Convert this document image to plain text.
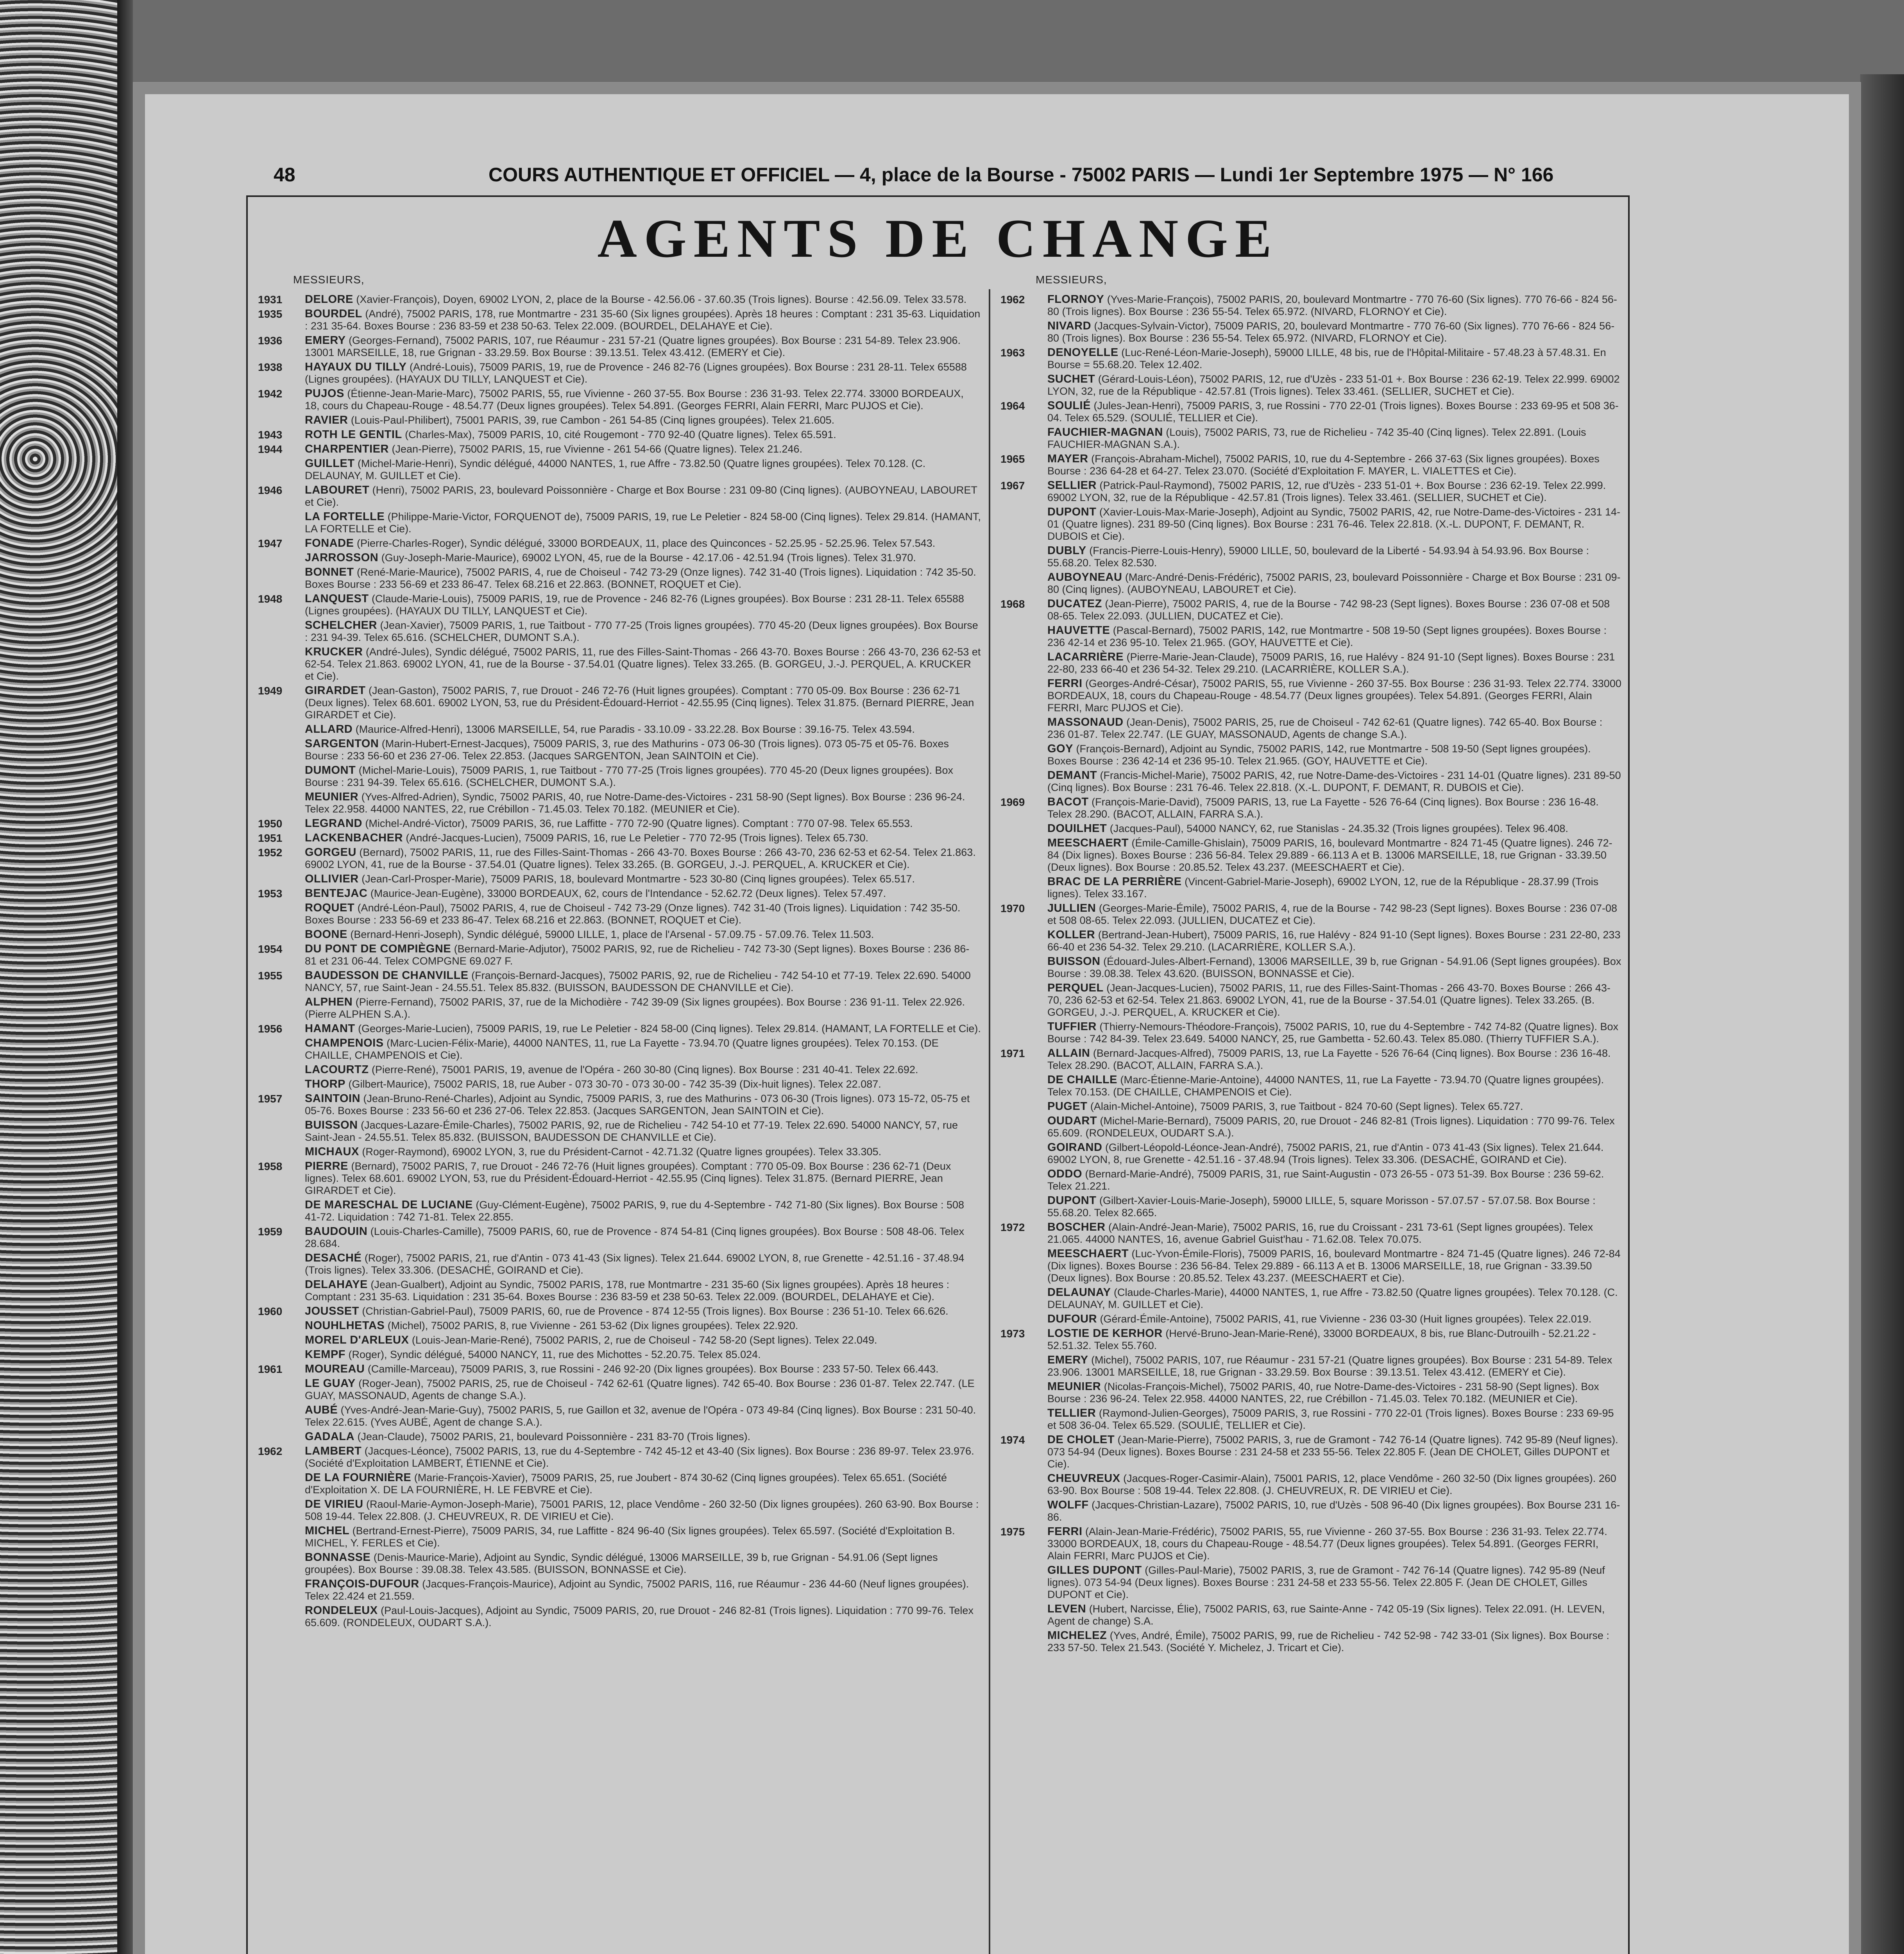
48	COURS AUTHENTIQUE ET OFFICIEL — 4, place de la Bourse - 75002 PARIS — Lundi 1er Septembre 1975 — N° 166
AGENTS DE CHANGE
MESSIEURS,
1931	DELORE (Xavier-François), Doyen, 69002 LYON, 2, place de la Bourse - 42.56.06 - 37.60.35 (Trois lignes). Bourse : 42.56.09. Telex 33.578.
1935	BOURDEL (André), 75002 PARIS, 178, rue Montmartre - 231 35-60 (Six lignes groupées). Après 18 heures : Comptant : 231 35-63. Liquidation : 231 35-64. Boxes Bourse : 236 83-59 et 238 50-63. Telex 22.009. (BOURDEL, DELAHAYE et Cie).
1936	EMERY (Georges-Fernand), 75002 PARIS, 107, rue Réaumur - 231 57-21 (Quatre lignes groupées). Box Bourse : 231 54-89. Telex 23.906. 13001 MARSEILLE, 18, rue Grignan - 33.29.59. Box Bourse : 39.13.51. Telex 43.412. (EMERY et Cie).
1938	HAYAUX DU TILLY (André-Louis), 75009 PARIS, 19, rue de Provence - 246 82-76 (Lignes groupées). Box Bourse : 231 28-11. Telex 65588 (Lignes groupées). (HAYAUX DU TILLY, LANQUEST et Cie).
1942	PUJOS (Étienne-Jean-Marie-Marc), 75002 PARIS, 55, rue Vivienne - 260 37-55. Box Bourse : 236 31-93. Telex 22.774. 33000 BORDEAUX, 18, cours du Chapeau-Rouge - 48.54.77 (Deux lignes groupées). Telex 54.891. (Georges FERRI, Alain FERRI, Marc PUJOS et Cie).
RAVIER (Louis-Paul-Philibert), 75001 PARIS, 39, rue Cambon - 261 54-85 (Cinq lignes groupées). Telex 21.605.
1943	ROTH LE GENTIL (Charles-Max), 75009 PARIS, 10, cité Rougemont - 770 92-40 (Quatre lignes). Telex 65.591.
1944	CHARPENTIER (Jean-Pierre), 75002 PARIS, 15, rue Vivienne - 261 54-66 (Quatre lignes). Telex 21.246.
GUILLET (Michel-Marie-Henri), Syndic délégué, 44000 NANTES, 1, rue Affre - 73.82.50 (Quatre lignes groupées). Telex 70.128. (C. DELAUNAY, M. GUILLET et Cie).
1946	LABOURET (Henri), 75002 PARIS, 23, boulevard Poissonnière - Charge et Box Bourse : 231 09-80 (Cinq lignes). (AUBOYNEAU, LABOURET et Cie).
LA FORTELLE (Philippe-Marie-Victor, FORQUENOT de), 75009 PARIS, 19, rue Le Peletier - 824 58-00 (Cinq lignes). Telex 29.814. (HAMANT, LA FORTELLE et Cie).
1947	FONADE (Pierre-Charles-Roger), Syndic délégué, 33000 BORDEAUX, 11, place des Quinconces - 52.25.95 - 52.25.96. Telex 57.543.
JARROSSON (Guy-Joseph-Marie-Maurice), 69002 LYON, 45, rue de la Bourse - 42.17.06 - 42.51.94 (Trois lignes). Telex 31.970.
BONNET (René-Marie-Maurice), 75002 PARIS, 4, rue de Choiseul - 742 73-29 (Onze lignes). 742 31-40 (Trois lignes). Liquidation : 742 35-50. Boxes Bourse : 233 56-69 et 233 86-47. Telex 68.216 et 22.863. (BONNET, ROQUET et Cie).
1948	LANQUEST (Claude-Marie-Louis), 75009 PARIS, 19, rue de Provence - 246 82-76 (Lignes groupées). Box Bourse : 231 28-11. Telex 65588 (Lignes groupées). (HAYAUX DU TILLY, LANQUEST et Cie).
SCHELCHER (Jean-Xavier), 75009 PARIS, 1, rue Taitbout - 770 77-25 (Trois lignes groupées). 770 45-20 (Deux lignes groupées). Box Bourse : 231 94-39. Telex 65.616. (SCHELCHER, DUMONT S.A.).
KRUCKER (André-Jules), Syndic délégué, 75002 PARIS, 11, rue des Filles-Saint-Thomas - 266 43-70. Boxes Bourse : 266 43-70, 236 62-53 et 62-54. Telex 21.863. 69002 LYON, 41, rue de la Bourse - 37.54.01 (Quatre lignes). Telex 33.265. (B. GORGEU, J.-J. PERQUEL, A. KRUCKER et Cie).
1949	GIRARDET (Jean-Gaston), 75002 PARIS, 7, rue Drouot - 246 72-76 (Huit lignes groupées). Comptant : 770 05-09. Box Bourse : 236 62-71 (Deux lignes). Telex 68.601. 69002 LYON, 53, rue du Président-Édouard-Herriot - 42.55.95 (Cinq lignes). Telex 31.875. (Bernard PIERRE, Jean GIRARDET et Cie).
ALLARD (Maurice-Alfred-Henri), 13006 MARSEILLE, 54, rue Paradis - 33.10.09 - 33.22.28. Box Bourse : 39.16-75. Telex 43.594.
SARGENTON (Marin-Hubert-Ernest-Jacques), 75009 PARIS, 3, rue des Mathurins - 073 06-30 (Trois lignes). 073 05-75 et 05-76. Boxes Bourse : 233 56-60 et 236 27-06. Telex 22.853. (Jacques SARGENTON, Jean SAINTOIN et Cie).
DUMONT (Michel-Marie-Louis), 75009 PARIS, 1, rue Taitbout - 770 77-25 (Trois lignes groupées). 770 45-20 (Deux lignes groupées). Box Bourse : 231 94-39. Telex 65.616. (SCHELCHER, DUMONT S.A.).
MEUNIER (Yves-Alfred-Adrien), Syndic, 75002 PARIS, 40, rue Notre-Dame-des-Victoires - 231 58-90 (Sept lignes). Box Bourse : 236 96-24. Telex 22.958. 44000 NANTES, 22, rue Crébillon - 71.45.03. Telex 70.182. (MEUNIER et Cie).
1950	LEGRAND (Michel-André-Victor), 75009 PARIS, 36, rue Laffitte - 770 72-90 (Quatre lignes). Comptant : 770 07-98. Telex 65.553.
1951	LACKENBACHER (André-Jacques-Lucien), 75009 PARIS, 16, rue Le Peletier - 770 72-95 (Trois lignes). Telex 65.730.
1952	GORGEU (Bernard), 75002 PARIS, 11, rue des Filles-Saint-Thomas - 266 43-70. Boxes Bourse : 266 43-70, 236 62-53 et 62-54. Telex 21.863. 69002 LYON, 41, rue de la Bourse - 37.54.01 (Quatre lignes). Telex 33.265. (B. GORGEU, J.-J. PERQUEL, A. KRUCKER et Cie).
OLLIVIER (Jean-Carl-Prosper-Marie), 75009 PARIS, 18, boulevard Montmartre - 523 30-80 (Cinq lignes groupées). Telex 65.517.
1953	BENTEJAC (Maurice-Jean-Eugène), 33000 BORDEAUX, 62, cours de l'Intendance - 52.62.72 (Deux lignes). Telex 57.497.
ROQUET (André-Léon-Paul), 75002 PARIS, 4, rue de Choiseul - 742 73-29 (Onze lignes). 742 31-40 (Trois lignes). Liquidation : 742 35-50. Boxes Bourse : 233 56-69 et 233 86-47. Telex 68.216 et 22.863. (BONNET, ROQUET et Cie).
BOONE (Bernard-Henri-Joseph), Syndic délégué, 59000 LILLE, 1, place de l'Arsenal - 57.09.75 - 57.09.76. Telex 11.503.
1954	DU PONT DE COMPIÈGNE (Bernard-Marie-Adjutor), 75002 PARIS, 92, rue de Richelieu - 742 73-30 (Sept lignes). Boxes Bourse : 236 86-81 et 231 06-44. Telex COMPGNE 69.027 F.
1955	BAUDESSON DE CHANVILLE (François-Bernard-Jacques), 75002 PARIS, 92, rue de Richelieu - 742 54-10 et 77-19. Telex 22.690. 54000 NANCY, 57, rue Saint-Jean - 24.55.51. Telex 85.832. (BUISSON, BAUDESSON DE CHANVILLE et Cie).
ALPHEN (Pierre-Fernand), 75002 PARIS, 37, rue de la Michodière - 742 39-09 (Six lignes groupées). Box Bourse : 236 91-11. Telex 22.926. (Pierre ALPHEN S.A.).
1956	HAMANT (Georges-Marie-Lucien), 75009 PARIS, 19, rue Le Peletier - 824 58-00 (Cinq lignes). Telex 29.814. (HAMANT, LA FORTELLE et Cie).
CHAMPENOIS (Marc-Lucien-Félix-Marie), 44000 NANTES, 11, rue La Fayette - 73.94.70 (Quatre lignes groupées). Telex 70.153. (DE CHAILLE, CHAMPENOIS et Cie).
LACOURTZ (Pierre-René), 75001 PARIS, 19, avenue de l'Opéra - 260 30-80 (Cinq lignes). Box Bourse : 231 40-41. Telex 22.692.
THORP (Gilbert-Maurice), 75002 PARIS, 18, rue Auber - 073 30-70 - 073 30-00 - 742 35-39 (Dix-huit lignes). Telex 22.087.
1957	SAINTOIN (Jean-Bruno-René-Charles), Adjoint au Syndic, 75009 PARIS, 3, rue des Mathurins - 073 06-30 (Trois lignes). 073 15-72, 05-75 et 05-76. Boxes Bourse : 233 56-60 et 236 27-06. Telex 22.853. (Jacques SARGENTON, Jean SAINTOIN et Cie).
BUISSON (Jacques-Lazare-Émile-Charles), 75002 PARIS, 92, rue de Richelieu - 742 54-10 et 77-19. Telex 22.690. 54000 NANCY, 57, rue Saint-Jean - 24.55.51. Telex 85.832. (BUISSON, BAUDESSON DE CHANVILLE et Cie).
MICHAUX (Roger-Raymond), 69002 LYON, 3, rue du Président-Carnot - 42.71.32 (Quatre lignes groupées). Telex 33.305.
1958	PIERRE (Bernard), 75002 PARIS, 7, rue Drouot - 246 72-76 (Huit lignes groupées). Comptant : 770 05-09. Box Bourse : 236 62-71 (Deux lignes). Telex 68.601. 69002 LYON, 53, rue du Président-Édouard-Herriot - 42.55.95 (Cinq lignes). Telex 31.875. (Bernard PIERRE, Jean GIRARDET et Cie).
DE MARESCHAL DE LUCIANE (Guy-Clément-Eugène), 75002 PARIS, 9, rue du 4-Septembre - 742 71-80 (Six lignes). Box Bourse : 508 41-72. Liquidation : 742 71-81. Telex 22.855.
1959	BAUDOUIN (Louis-Charles-Camille), 75009 PARIS, 60, rue de Provence - 874 54-81 (Cinq lignes groupées). Box Bourse : 508 48-06. Telex 28.684.
DESACHÉ (Roger), 75002 PARIS, 21, rue d'Antin - 073 41-43 (Six lignes). Telex 21.644. 69002 LYON, 8, rue Grenette - 42.51.16 - 37.48.94 (Trois lignes). Telex 33.306. (DESACHÉ, GOIRAND et Cie).
DELAHAYE (Jean-Gualbert), Adjoint au Syndic, 75002 PARIS, 178, rue Montmartre - 231 35-60 (Six lignes groupées). Après 18 heures : Comptant : 231 35-63. Liquidation : 231 35-64. Boxes Bourse : 236 83-59 et 238 50-63. Telex 22.009. (BOURDEL, DELAHAYE et Cie).
1960	JOUSSET (Christian-Gabriel-Paul), 75009 PARIS, 60, rue de Provence - 874 12-55 (Trois lignes). Box Bourse : 236 51-10. Telex 66.626.
NOUHLHETAS (Michel), 75002 PARIS, 8, rue Vivienne - 261 53-62 (Dix lignes groupées). Telex 22.920.
MOREL D'ARLEUX (Louis-Jean-Marie-René), 75002 PARIS, 2, rue de Choiseul - 742 58-20 (Sept lignes). Telex 22.049.
KEMPF (Roger), Syndic délégué, 54000 NANCY, 11, rue des Michottes - 52.20.75. Telex 85.024.
1961	MOUREAU (Camille-Marceau), 75009 PARIS, 3, rue Rossini - 246 92-20 (Dix lignes groupées). Box Bourse : 233 57-50. Telex 66.443.
LE GUAY (Roger-Jean), 75002 PARIS, 25, rue de Choiseul - 742 62-61 (Quatre lignes). 742 65-40. Box Bourse : 236 01-87. Telex 22.747. (LE GUAY, MASSONAUD, Agents de change S.A.).
AUBÉ (Yves-André-Jean-Marie-Guy), 75002 PARIS, 5, rue Gaillon et 32, avenue de l'Opéra - 073 49-84 (Cinq lignes). Box Bourse : 231 50-40. Telex 22.615. (Yves AUBÉ, Agent de change S.A.).
GADALA (Jean-Claude), 75002 PARIS, 21, boulevard Poissonnière - 231 83-70 (Trois lignes).
1962	LAMBERT (Jacques-Léonce), 75002 PARIS, 13, rue du 4-Septembre - 742 45-12 et 43-40 (Six lignes). Box Bourse : 236 89-97. Telex 23.976. (Société d'Exploitation LAMBERT, ÉTIENNE et Cie).
DE LA FOURNIÈRE (Marie-François-Xavier), 75009 PARIS, 25, rue Joubert - 874 30-62 (Cinq lignes groupées). Telex 65.651. (Société d'Exploitation X. DE LA FOURNIÈRE, H. LE FEBVRE et Cie).
DE VIRIEU (Raoul-Marie-Aymon-Joseph-Marie), 75001 PARIS, 12, place Vendôme - 260 32-50 (Dix lignes groupées). 260 63-90. Box Bourse : 508 19-44. Telex 22.808. (J. CHEUVREUX, R. DE VIRIEU et Cie).
MICHEL (Bertrand-Ernest-Pierre), 75009 PARIS, 34, rue Laffitte - 824 96-40 (Six lignes groupées). Telex 65.597. (Société d'Exploitation B. MICHEL, Y. FERLES et Cie).
BONNASSE (Denis-Maurice-Marie), Adjoint au Syndic, Syndic délégué, 13006 MARSEILLE, 39 b, rue Grignan - 54.91.06 (Sept lignes groupées). Box Bourse : 39.08.38. Telex 43.585. (BUISSON, BONNASSE et Cie).
FRANÇOIS-DUFOUR (Jacques-François-Maurice), Adjoint au Syndic, 75002 PARIS, 116, rue Réaumur - 236 44-60 (Neuf lignes groupées). Telex 22.424 et 21.559.
RONDELEUX (Paul-Louis-Jacques), Adjoint au Syndic, 75009 PARIS, 20, rue Drouot - 246 82-81 (Trois lignes). Liquidation : 770 99-76. Telex 65.609. (RONDELEUX, OUDART S.A.).
MESSIEURS,
1962	FLORNOY (Yves-Marie-François), 75002 PARIS, 20, boulevard Montmartre - 770 76-60 (Six lignes). 770 76-66 - 824 56-80 (Trois lignes). Box Bourse : 236 55-54. Telex 65.972. (NIVARD, FLORNOY et Cie).
NIVARD (Jacques-Sylvain-Victor), 75009 PARIS, 20, boulevard Montmartre - 770 76-60 (Six lignes). 770 76-66 - 824 56-80 (Trois lignes). Box Bourse : 236 55-54. Telex 65.972. (NIVARD, FLORNOY et Cie).
1963	DENOYELLE (Luc-René-Léon-Marie-Joseph), 59000 LILLE, 48 bis, rue de l'Hôpital-Militaire - 57.48.23 à 57.48.31. En Bourse = 55.68.20. Telex 12.402.
SUCHET (Gérard-Louis-Léon), 75002 PARIS, 12, rue d'Uzès - 233 51-01 +. Box Bourse : 236 62-19. Telex 22.999. 69002 LYON, 32, rue de la République - 42.57.81 (Trois lignes). Telex 33.461. (SELLIER, SUCHET et Cie).
1964	SOULIÉ (Jules-Jean-Henri), 75009 PARIS, 3, rue Rossini - 770 22-01 (Trois lignes). Boxes Bourse : 233 69-95 et 508 36-04. Telex 65.529. (SOULIÉ, TELLIER et Cie).
FAUCHIER-MAGNAN (Louis), 75002 PARIS, 73, rue de Richelieu - 742 35-40 (Cinq lignes). Telex 22.891. (Louis FAUCHIER-MAGNAN S.A.).
1965	MAYER (François-Abraham-Michel), 75002 PARIS, 10, rue du 4-Septembre - 266 37-63 (Six lignes groupées). Boxes Bourse : 236 64-28 et 64-27. Telex 23.070. (Société d'Exploitation F. MAYER, L. VIALETTES et Cie).
1967	SELLIER (Patrick-Paul-Raymond), 75002 PARIS, 12, rue d'Uzès - 233 51-01 +. Box Bourse : 236 62-19. Telex 22.999. 69002 LYON, 32, rue de la République - 42.57.81 (Trois lignes). Telex 33.461. (SELLIER, SUCHET et Cie).
DUPONT (Xavier-Louis-Max-Marie-Joseph), Adjoint au Syndic, 75002 PARIS, 42, rue Notre-Dame-des-Victoires - 231 14-01 (Quatre lignes). 231 89-50 (Cinq lignes). Box Bourse : 231 76-46. Telex 22.818. (X.-L. DUPONT, F. DEMANT, R. DUBOIS et Cie).
DUBLY (Francis-Pierre-Louis-Henry), 59000 LILLE, 50, boulevard de la Liberté - 54.93.94 à 54.93.96. Box Bourse : 55.68.20. Telex 82.530.
AUBOYNEAU (Marc-André-Denis-Frédéric), 75002 PARIS, 23, boulevard Poissonnière - Charge et Box Bourse : 231 09-80 (Cinq lignes). (AUBOYNEAU, LABOURET et Cie).
1968	DUCATEZ (Jean-Pierre), 75002 PARIS, 4, rue de la Bourse - 742 98-23 (Sept lignes). Boxes Bourse : 236 07-08 et 508 08-65. Telex 22.093. (JULLIEN, DUCATEZ et Cie).
HAUVETTE (Pascal-Bernard), 75002 PARIS, 142, rue Montmartre - 508 19-50 (Sept lignes groupées). Boxes Bourse : 236 42-14 et 236 95-10. Telex 21.965. (GOY, HAUVETTE et Cie).
LACARRIÈRE (Pierre-Marie-Jean-Claude), 75009 PARIS, 16, rue Halévy - 824 91-10 (Sept lignes). Boxes Bourse : 231 22-80, 233 66-40 et 236 54-32. Telex 29.210. (LACARRIÈRE, KOLLER S.A.).
FERRI (Georges-André-César), 75002 PARIS, 55, rue Vivienne - 260 37-55. Box Bourse : 236 31-93. Telex 22.774. 33000 BORDEAUX, 18, cours du Chapeau-Rouge - 48.54.77 (Deux lignes groupées). Telex 54.891. (Georges FERRI, Alain FERRI, Marc PUJOS et Cie).
MASSONAUD (Jean-Denis), 75002 PARIS, 25, rue de Choiseul - 742 62-61 (Quatre lignes). 742 65-40. Box Bourse : 236 01-87. Telex 22.747. (LE GUAY, MASSONAUD, Agents de change S.A.).
GOY (François-Bernard), Adjoint au Syndic, 75002 PARIS, 142, rue Montmartre - 508 19-50 (Sept lignes groupées). Boxes Bourse : 236 42-14 et 236 95-10. Telex 21.965. (GOY, HAUVETTE et Cie).
DEMANT (Francis-Michel-Marie), 75002 PARIS, 42, rue Notre-Dame-des-Victoires - 231 14-01 (Quatre lignes). 231 89-50 (Cinq lignes). Box Bourse : 231 76-46. Telex 22.818. (X.-L. DUPONT, F. DEMANT, R. DUBOIS et Cie).
1969	BACOT (François-Marie-David), 75009 PARIS, 13, rue La Fayette - 526 76-64 (Cinq lignes). Box Bourse : 236 16-48. Telex 28.290. (BACOT, ALLAIN, FARRA S.A.).
DOUILHET (Jacques-Paul), 54000 NANCY, 62, rue Stanislas - 24.35.32 (Trois lignes groupées). Telex 96.408.
MEESCHAERT (Émile-Camille-Ghislain), 75009 PARIS, 16, boulevard Montmartre - 824 71-45 (Quatre lignes). 246 72-84 (Dix lignes). Boxes Bourse : 236 56-84. Telex 29.889 - 66.113 A et B. 13006 MARSEILLE, 18, rue Grignan - 33.39.50 (Deux lignes). Box Bourse : 20.85.52. Telex 43.237. (MEESCHAERT et Cie).
BRAC DE LA PERRIÈRE (Vincent-Gabriel-Marie-Joseph), 69002 LYON, 12, rue de la République - 28.37.99 (Trois lignes). Telex 33.167.
1970	JULLIEN (Georges-Marie-Émile), 75002 PARIS, 4, rue de la Bourse - 742 98-23 (Sept lignes). Boxes Bourse : 236 07-08 et 508 08-65. Telex 22.093. (JULLIEN, DUCATEZ et Cie).
KOLLER (Bertrand-Jean-Hubert), 75009 PARIS, 16, rue Halévy - 824 91-10 (Sept lignes). Boxes Bourse : 231 22-80, 233 66-40 et 236 54-32. Telex 29.210. (LACARRIÈRE, KOLLER S.A.).
BUISSON (Édouard-Jules-Albert-Fernand), 13006 MARSEILLE, 39 b, rue Grignan - 54.91.06 (Sept lignes groupées). Box Bourse : 39.08.38. Telex 43.620. (BUISSON, BONNASSE et Cie).
PERQUEL (Jean-Jacques-Lucien), 75002 PARIS, 11, rue des Filles-Saint-Thomas - 266 43-70. Boxes Bourse : 266 43-70, 236 62-53 et 62-54. Telex 21.863. 69002 LYON, 41, rue de la Bourse - 37.54.01 (Quatre lignes). Telex 33.265. (B. GORGEU, J.-J. PERQUEL, A. KRUCKER et Cie).
TUFFIER (Thierry-Nemours-Théodore-François), 75002 PARIS, 10, rue du 4-Septembre - 742 74-82 (Quatre lignes). Box Bourse : 742 84-39. Telex 23.649. 54000 NANCY, 25, rue Gambetta - 52.60.43. Telex 85.080. (Thierry TUFFIER S.A.).
1971	ALLAIN (Bernard-Jacques-Alfred), 75009 PARIS, 13, rue La Fayette - 526 76-64 (Cinq lignes). Box Bourse : 236 16-48. Telex 28.290. (BACOT, ALLAIN, FARRA S.A.).
DE CHAILLE (Marc-Étienne-Marie-Antoine), 44000 NANTES, 11, rue La Fayette - 73.94.70 (Quatre lignes groupées). Telex 70.153. (DE CHAILLE, CHAMPENOIS et Cie).
PUGET (Alain-Michel-Antoine), 75009 PARIS, 3, rue Taitbout - 824 70-60 (Sept lignes). Telex 65.727.
OUDART (Michel-Marie-Bernard), 75009 PARIS, 20, rue Drouot - 246 82-81 (Trois lignes). Liquidation : 770 99-76. Telex 65.609. (RONDELEUX, OUDART S.A.).
GOIRAND (Gilbert-Léopold-Léonce-Jean-André), 75002 PARIS, 21, rue d'Antin - 073 41-43 (Six lignes). Telex 21.644. 69002 LYON, 8, rue Grenette - 42.51.16 - 37.48.94 (Trois lignes). Telex 33.306. (DESACHÉ, GOIRAND et Cie).
ODDO (Bernard-Marie-André), 75009 PARIS, 31, rue Saint-Augustin - 073 26-55 - 073 51-39. Box Bourse : 236 59-62. Telex 21.221.
DUPONT (Gilbert-Xavier-Louis-Marie-Joseph), 59000 LILLE, 5, square Morisson - 57.07.57 - 57.07.58. Box Bourse : 55.68.20. Telex 82.665.
1972	BOSCHER (Alain-André-Jean-Marie), 75002 PARIS, 16, rue du Croissant - 231 73-61 (Sept lignes groupées). Telex 21.065. 44000 NANTES, 16, avenue Gabriel Guist'hau - 71.62.08. Telex 70.075.
MEESCHAERT (Luc-Yvon-Émile-Floris), 75009 PARIS, 16, boulevard Montmartre - 824 71-45 (Quatre lignes). 246 72-84 (Dix lignes). Boxes Bourse : 236 56-84. Telex 29.889 - 66.113 A et B. 13006 MARSEILLE, 18, rue Grignan - 33.39.50 (Deux lignes). Box Bourse : 20.85.52. Telex 43.237. (MEESCHAERT et Cie).
DELAUNAY (Claude-Charles-Marie), 44000 NANTES, 1, rue Affre - 73.82.50 (Quatre lignes groupées). Telex 70.128. (C. DELAUNAY, M. GUILLET et Cie).
DUFOUR (Gérard-Émile-Antoine), 75002 PARIS, 41, rue Vivienne - 236 03-30 (Huit lignes groupées). Telex 22.019.
1973	LOSTIE DE KERHOR (Hervé-Bruno-Jean-Marie-René), 33000 BORDEAUX, 8 bis, rue Blanc-Dutrouilh - 52.21.22 - 52.51.32. Telex 55.760.
EMERY (Michel), 75002 PARIS, 107, rue Réaumur - 231 57-21 (Quatre lignes groupées). Box Bourse : 231 54-89. Telex 23.906. 13001 MARSEILLE, 18, rue Grignan - 33.29.59. Box Bourse : 39.13.51. Telex 43.412. (EMERY et Cie).
MEUNIER (Nicolas-François-Michel), 75002 PARIS, 40, rue Notre-Dame-des-Victoires - 231 58-90 (Sept lignes). Box Bourse : 236 96-24. Telex 22.958. 44000 NANTES, 22, rue Crébillon - 71.45.03. Telex 70.182. (MEUNIER et Cie).
TELLIER (Raymond-Julien-Georges), 75009 PARIS, 3, rue Rossini - 770 22-01 (Trois lignes). Boxes Bourse : 233 69-95 et 508 36-04. Telex 65.529. (SOULIÉ, TELLIER et Cie).
1974	DE CHOLET (Jean-Marie-Pierre), 75002 PARIS, 3, rue de Gramont - 742 76-14 (Quatre lignes). 742 95-89 (Neuf lignes). 073 54-94 (Deux lignes). Boxes Bourse : 231 24-58 et 233 55-56. Telex 22.805 F. (Jean DE CHOLET, Gilles DUPONT et Cie).
CHEUVREUX (Jacques-Roger-Casimir-Alain), 75001 PARIS, 12, place Vendôme - 260 32-50 (Dix lignes groupées). 260 63-90. Box Bourse : 508 19-44. Telex 22.808. (J. CHEUVREUX, R. DE VIRIEU et Cie).
WOLFF (Jacques-Christian-Lazare), 75002 PARIS, 10, rue d'Uzès - 508 96-40 (Dix lignes groupées). Box Bourse 231 16-86.
1975	FERRI (Alain-Jean-Marie-Frédéric), 75002 PARIS, 55, rue Vivienne - 260 37-55. Box Bourse : 236 31-93. Telex 22.774. 33000 BORDEAUX, 18, cours du Chapeau-Rouge - 48.54.77 (Deux lignes groupées). Telex 54.891. (Georges FERRI, Alain FERRI, Marc PUJOS et Cie).
GILLES DUPONT (Gilles-Paul-Marie), 75002 PARIS, 3, rue de Gramont - 742 76-14 (Quatre lignes). 742 95-89 (Neuf lignes). 073 54-94 (Deux lignes). Boxes Bourse : 231 24-58 et 233 55-56. Telex 22.805 F. (Jean DE CHOLET, Gilles DUPONT et Cie).
LEVEN (Hubert, Narcisse, Élie), 75002 PARIS, 63, rue Sainte-Anne - 742 05-19 (Six lignes). Telex 22.091. (H. LEVEN, Agent de change) S.A.
MICHELEZ (Yves, André, Émile), 75002 PARIS, 99, rue de Richelieu - 742 52-98 - 742 33-01 (Six lignes). Box Bourse : 233 57-50. Telex 21.543. (Société Y. Michelez, J. Tricart et Cie).
